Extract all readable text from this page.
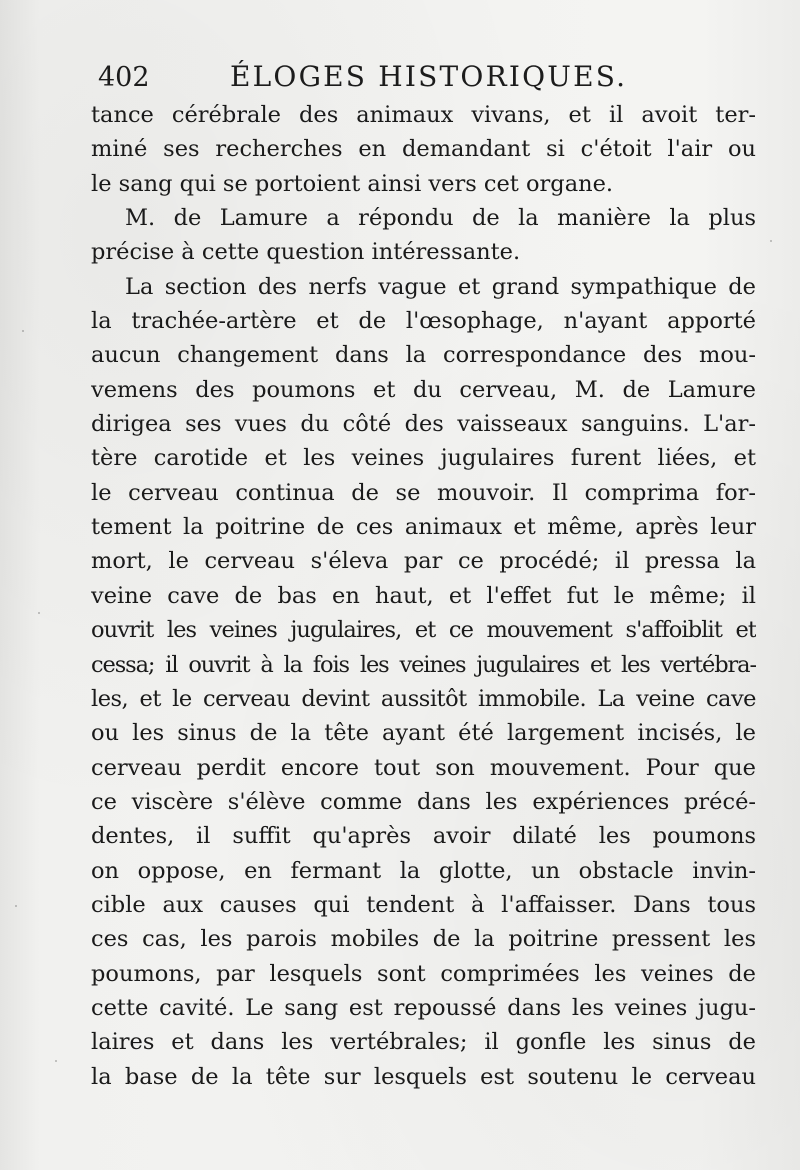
402	ÉLOGES HISTORIQUES.
tance cérébrale des animaux vivans, et il avoit ter-
miné ses recherches en demandant si c'étoit l'air ou
le sang qui se portoient ainsi vers cet organe.
M. de Lamure a répondu de la manière la plus
précise à cette question intéressante.
La section des nerfs vague et grand sympathique de
la trachée-artère et de l'œsophage, n'ayant apporté
aucun changement dans la correspondance des mou-
vemens des poumons et du cerveau, M. de Lamure
dirigea ses vues du côté des vaisseaux sanguins. L'ar-
tère carotide et les veines jugulaires furent liées, et
le cerveau continua de se mouvoir. Il comprima for-
tement la poitrine de ces animaux et même, après leur
mort, le cerveau s'éleva par ce procédé; il pressa la
veine cave de bas en haut, et l'effet fut le même; il
ouvrit les veines jugulaires, et ce mouvement s'affoiblit et
cessa; il ouvrit à la fois les veines jugulaires et les vertébra-
les, et le cerveau devint aussitôt immobile. La veine cave
ou les sinus de la tête ayant été largement incisés, le
cerveau perdit encore tout son mouvement. Pour que
ce viscère s'élève comme dans les expériences précé-
dentes, il suffit qu'après avoir dilaté les poumons
on oppose, en fermant la glotte, un obstacle invin-
cible aux causes qui tendent à l'affaisser. Dans tous
ces cas, les parois mobiles de la poitrine pressent les
poumons, par lesquels sont comprimées les veines de
cette cavité. Le sang est repoussé dans les veines jugu-
laires et dans les vertébrales; il gonfle les sinus de
la base de la tête sur lesquels est soutenu le cerveau
